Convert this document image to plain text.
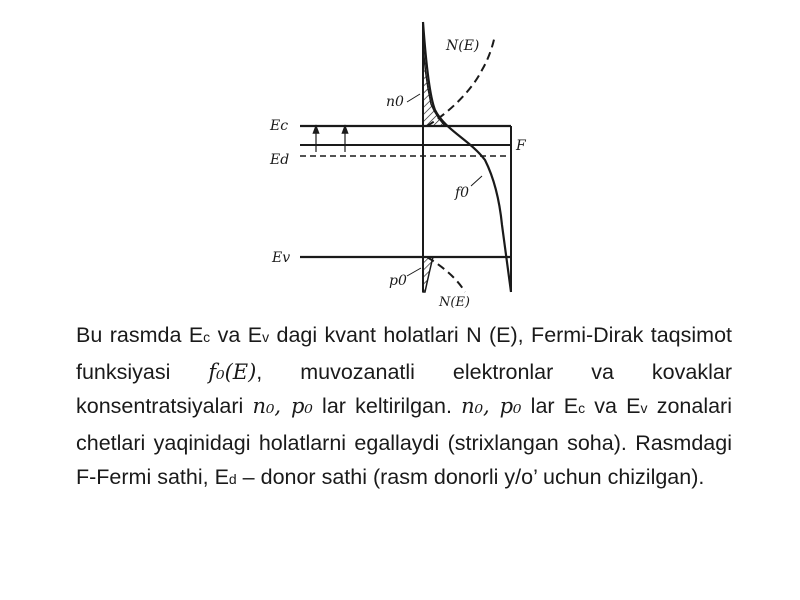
Ec
Ed
Ev
F
N(E)
n0
f0
p0
N(E)

Bu rasmda Ec va Ev dagi kvant holatlari N (E), Fermi-Dirak taqsimot funksiyasi f₀(E), muvozanatli elektronlar va kovaklar konsentratsiyalari n₀, p₀ lar keltirilgan. n₀, p₀ lar Ec va Ev zonalari chetlari yaqinidagi holatlarni egallaydi (strixlangan soha). Rasmdagi F-Fermi sathi, Ed – donor sathi (rasm donorli y/o’ uchun chizilgan).
